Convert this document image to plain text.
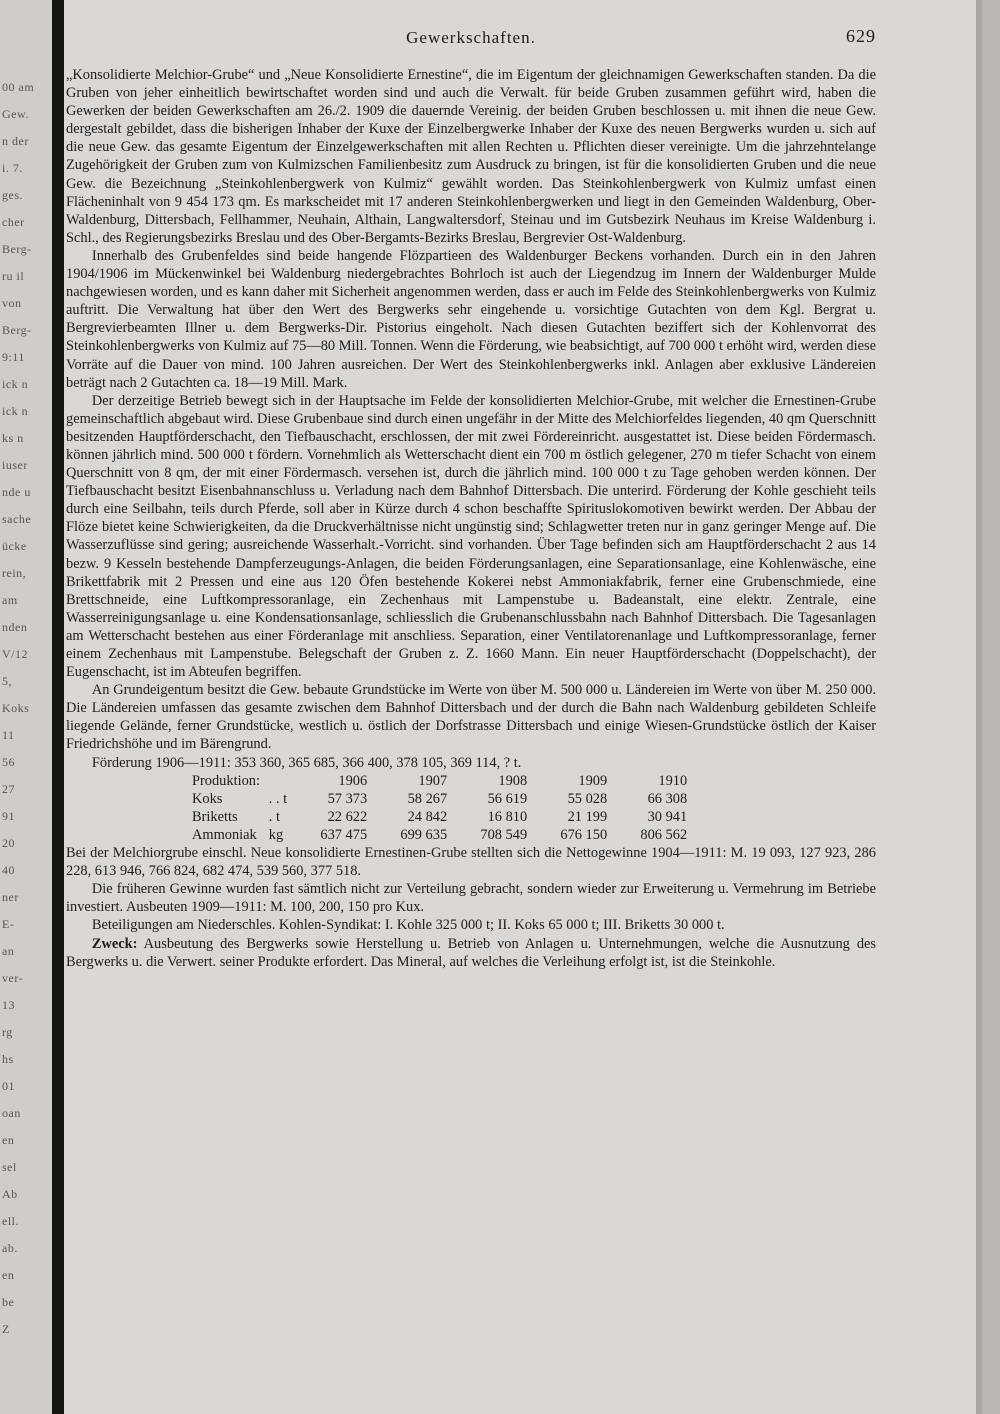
00 am
Gew.
n der
i. 7.
ges.
cher
Berg-
ru il
von
Berg-
9:11
ick n
ick n
ks n
iuser
nde u
sache
ücke
rein,
am
nden
V/12
5,
Koks
11
56
27
91
20
40
ner
E-
an
ver-
13
rg
hs
01
oan
en
sel
Ab
ell.
ab.
en
be
Z
Gewerkschaften.	629

„Konsolidierte Melchior-Grube“ und „Neue Konsolidierte Ernestine“, die im Eigentum der gleichnamigen Gewerkschaften standen. Da die Gruben von jeher einheitlich bewirtschaftet worden sind und auch die Verwalt. für beide Gruben zusammen geführt wird, haben die Gewerken der beiden Gewerkschaften am 26./2. 1909 die dauernde Vereinig. der beiden Gruben beschlossen u. mit ihnen die neue Gew. dergestalt gebildet, dass die bisherigen Inhaber der Kuxe der Einzelbergwerke Inhaber der Kuxe des neuen Bergwerks wurden u. sich auf die neue Gew. das gesamte Eigentum der Einzelgewerkschaften mit allen Rechten u. Pflichten dieser vereinigte. Um die jahrzehntelange Zugehörigkeit der Gruben zum von Kulmizschen Familienbesitz zum Ausdruck zu bringen, ist für die konsolidierten Gruben und die neue Gew. die Bezeichnung „Steinkohlenbergwerk von Kulmiz“ gewählt worden. Das Steinkohlenbergwerk von Kulmiz umfast einen Flächeninhalt von 9 454 173 qm. Es markscheidet mit 17 anderen Steinkohlenbergwerken und liegt in den Gemeinden Waldenburg, Ober-Waldenburg, Dittersbach, Fellhammer, Neuhain, Althain, Langwaltersdorf, Steinau und im Gutsbezirk Neuhaus im Kreise Waldenburg i. Schl., des Regierungsbezirks Breslau und des Ober-Bergamts-Bezirks Breslau, Bergrevier Ost-Waldenburg.

Innerhalb des Grubenfeldes sind beide hangende Flözpartieen des Waldenburger Beckens vorhanden. Durch ein in den Jahren 1904/1906 im Mückenwinkel bei Waldenburg niedergebrachtes Bohrloch ist auch der Liegendzug im Innern der Waldenburger Mulde nachgewiesen worden, und es kann daher mit Sicherheit angenommen werden, dass er auch im Felde des Steinkohlenbergwerks von Kulmiz auftritt. Die Verwaltung hat über den Wert des Bergwerks sehr eingehende u. vorsichtige Gutachten von dem Kgl. Bergrat u. Bergrevierbeamten Illner u. dem Bergwerks-Dir. Pistorius eingeholt. Nach diesen Gutachten beziffert sich der Kohlenvorrat des Steinkohlenbergwerks von Kulmiz auf 75—80 Mill. Tonnen. Wenn die Förderung, wie beabsichtigt, auf 700 000 t erhöht wird, werden diese Vorräte auf die Dauer von mind. 100 Jahren ausreichen. Der Wert des Steinkohlenbergwerks inkl. Anlagen aber exklusive Ländereien beträgt nach 2 Gutachten ca. 18—19 Mill. Mark.

Der derzeitige Betrieb bewegt sich in der Hauptsache im Felde der konsolidierten Melchior-Grube, mit welcher die Ernestinen-Grube gemeinschaftlich abgebaut wird. Diese Grubenbaue sind durch einen ungefähr in der Mitte des Melchiorfeldes liegenden, 40 qm Querschnitt besitzenden Hauptförderschacht, den Tiefbauschacht, erschlossen, der mit zwei Fördereinricht. ausgestattet ist. Diese beiden Fördermasch. können jährlich mind. 500 000 t fördern. Vornehmlich als Wetterschacht dient ein 700 m östlich gelegener, 270 m tiefer Schacht von einem Querschnitt von 8 qm, der mit einer Fördermasch. versehen ist, durch die jährlich mind. 100 000 t zu Tage gehoben werden können. Der Tiefbauschacht besitzt Eisenbahnanschluss u. Verladung nach dem Bahnhof Dittersbach. Die unterird. Förderung der Kohle geschieht teils durch eine Seilbahn, teils durch Pferde, soll aber in Kürze durch 4 schon beschaffte Spirituslokomotiven bewirkt werden. Der Abbau der Flöze bietet keine Schwierigkeiten, da die Druckverhältnisse nicht ungünstig sind; Schlagwetter treten nur in ganz geringer Menge auf. Die Wasserzuflüsse sind gering; ausreichende Wasserhalt.-Vorricht. sind vorhanden. Über Tage befinden sich am Hauptförderschacht 2 aus 14 bezw. 9 Kesseln bestehende Dampferzeugungs-Anlagen, die beiden Förderungsanlagen, eine Separationsanlage, eine Kohlenwäsche, eine Brikettfabrik mit 2 Pressen und eine aus 120 Öfen bestehende Kokerei nebst Ammoniakfabrik, ferner eine Grubenschmiede, eine Brettschneide, eine Luftkompressoranlage, ein Zechenhaus mit Lampenstube u. Badeanstalt, eine elektr. Zentrale, eine Wasserreinigungsanlage u. eine Kondensationsanlage, schliesslich die Grubenanschlussbahn nach Bahnhof Dittersbach. Die Tagesanlagen am Wetterschacht bestehen aus einer Förderanlage mit anschliess. Separation, einer Ventilatorenanlage und Luftkompressoranlage, ferner einem Zechenhaus mit Lampenstube. Belegschaft der Gruben z. Z. 1660 Mann. Ein neuer Hauptförderschacht (Doppelschacht), der Eugenschacht, ist im Abteufen begriffen.

An Grundeigentum besitzt die Gew. bebaute Grundstücke im Werte von über M. 500 000 u. Ländereien im Werte von über M. 250 000. Die Ländereien umfassen das gesamte zwischen dem Bahnhof Dittersbach und der durch die Bahn nach Waldenburg gebildeten Schleife liegende Gelände, ferner Grundstücke, westlich u. östlich der Dorfstrasse Dittersbach und einige Wiesen-Grundstücke östlich der Kaiser Friedrichshöhe und im Bärengrund.

Förderung 1906—1911: 353 360, 365 685, 366 400, 378 105, 369 114, ? t.

Produktion:		1906	1907	1908	1909	1910
Koks	. . t	57 373	58 267	56 619	55 028	66 308
Briketts	. t	22 622	24 842	16 810	21 199	30 941
Ammoniak	kg	637 475	699 635	708 549	676 150	806 562

Bei der Melchiorgrube einschl. Neue konsolidierte Ernestinen-Grube stellten sich die Nettogewinne 1904—1911: M. 19 093, 127 923, 286 228, 613 946, 766 824, 682 474, 539 560, 377 518.

Die früheren Gewinne wurden fast sämtlich nicht zur Verteilung gebracht, sondern wieder zur Erweiterung u. Vermehrung im Betriebe investiert. Ausbeuten 1909—1911: M. 100, 200, 150 pro Kux.

Beteiligungen am Niederschles. Kohlen-Syndikat: I. Kohle 325 000 t; II. Koks 65 000 t; III. Briketts 30 000 t.

Zweck: Ausbeutung des Bergwerks sowie Herstellung u. Betrieb von Anlagen u. Unternehmungen, welche die Ausnutzung des Bergwerks u. die Verwert. seiner Produkte erfordert. Das Mineral, auf welches die Verleihung erfolgt ist, ist die Steinkohle.
